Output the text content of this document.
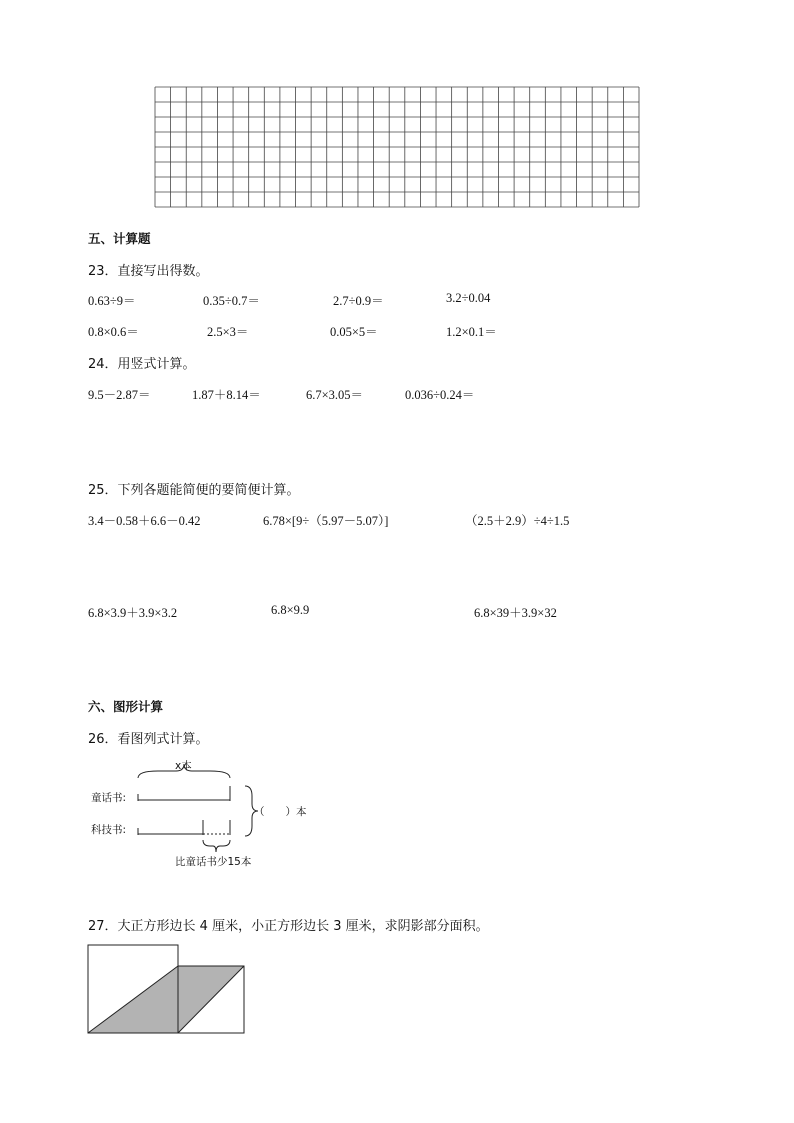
五、计算题
23．直接写出得数。
0.63÷9＝	0.35÷0.7＝	2.7÷0.9＝	3.2÷0.04
0.8×0.6＝	2.5×3＝	0.05×5＝	1.2×0.1＝
24．用竖式计算。
9.5－2.87＝	1.87＋8.14＝	6.7×3.05＝	0.036÷0.24＝
25．下列各题能简便的要简便计算。
3.4－0.58＋6.6－0.42	6.78×[9÷（5.97－5.07）]	（2.5＋2.9）÷4÷1.5
6.8×3.9＋3.9×3.2	6.8×9.9	6.8×39＋3.9×32
六、图形计算
26．看图列式计算。
x本
童话书:
科技书:
（　　）本
比童话书少15本
27．大正方形边长 4 厘米，小正方形边长 3 厘米，求阴影部分面积。
